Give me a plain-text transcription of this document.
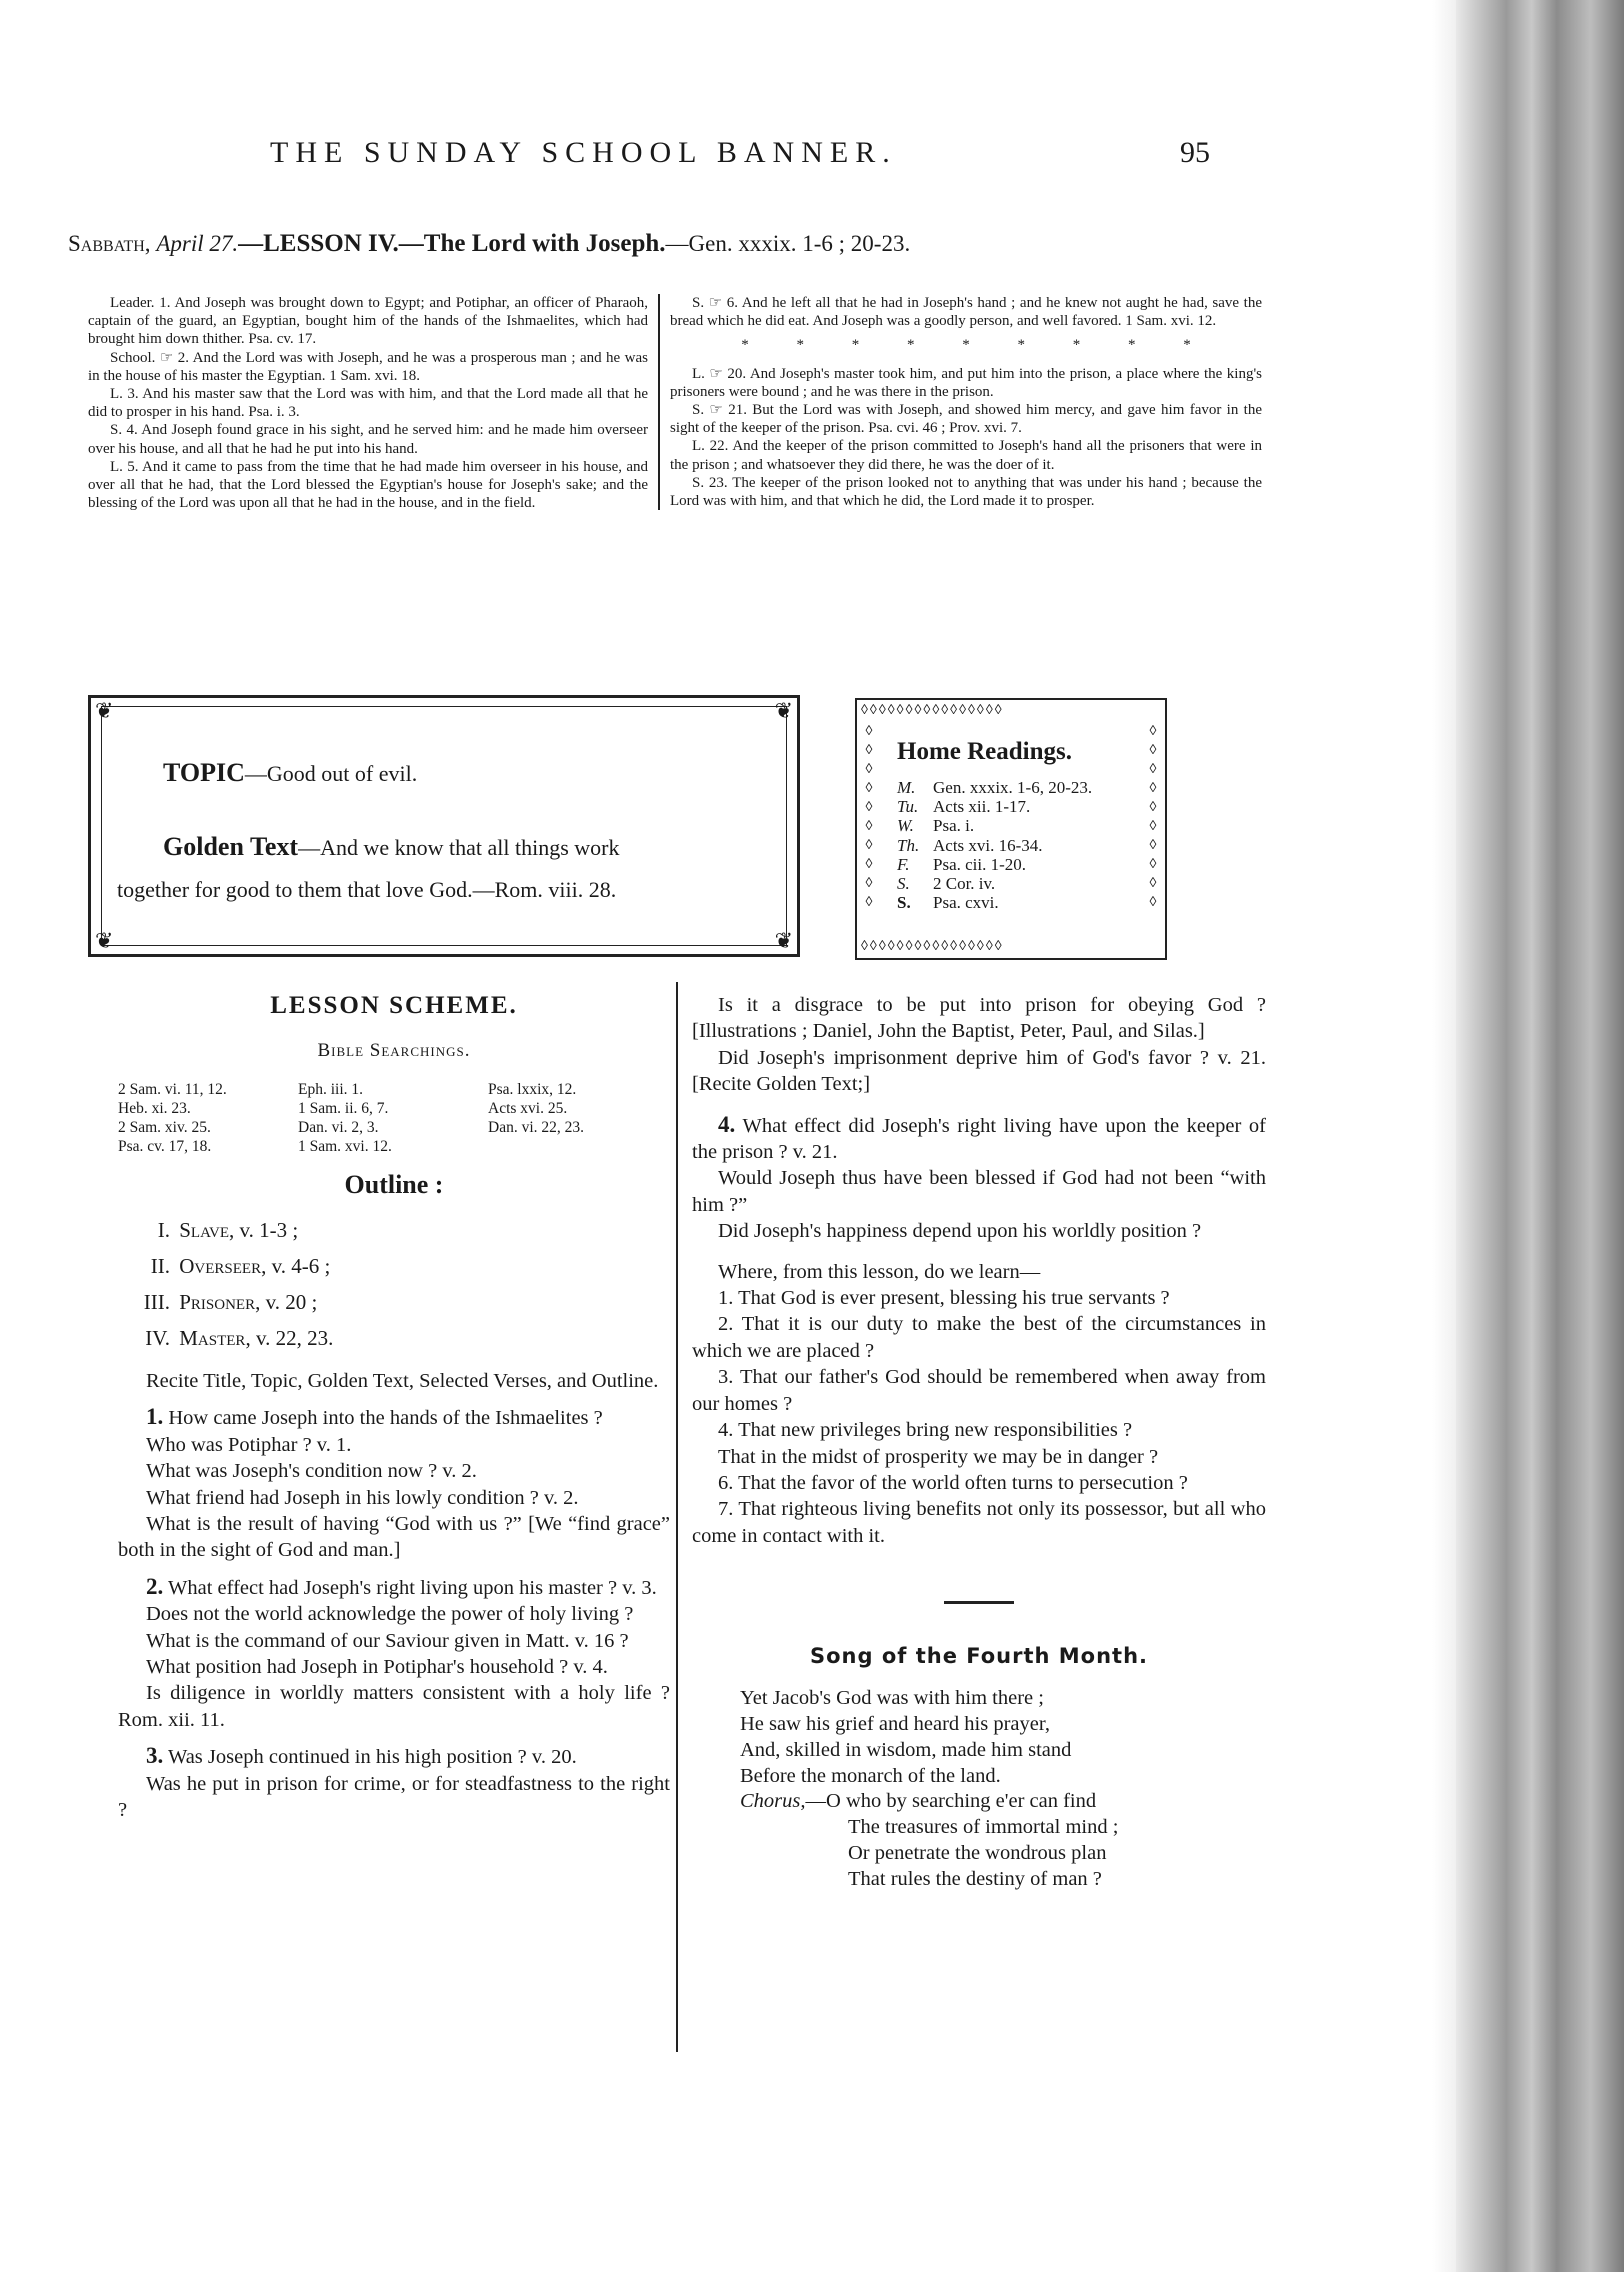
THE SUNDAY SCHOOL BANNER.	95
Sabbath, April 27.—LESSON IV.—The Lord with Joseph.—Gen. xxxix. 1-6 ; 20-23.

Leader. 1. And Joseph was brought down to Egypt; and Potiphar, an officer of Pharaoh, captain of the guard, an Egyptian, bought him of the hands of the Ishmaelites, which had brought him down thither. Psa. cv. 17.

School. ☞ 2. And the Lord was with Joseph, and he was a prosperous man ; and he was in the house of his master the Egyptian. 1 Sam. xvi. 18.

L. 3. And his master saw that the Lord was with him, and that the Lord made all that he did to prosper in his hand. Psa. i. 3.

S. 4. And Joseph found grace in his sight, and he served him: and he made him overseer over his house, and all that he had he put into his hand.

L. 5. And it came to pass from the time that he had made him overseer in his house, and over all that he had, that the Lord blessed the Egyptian's house for Joseph's sake; and the blessing of the Lord was upon all that he had in the house, and in the field.

S. ☞ 6. And he left all that he had in Joseph's hand ; and he knew not aught he had, save the bread which he did eat. And Joseph was a goodly person, and well favored. 1 Sam. xvi. 12.

* * * * * * * * *

L. ☞ 20. And Joseph's master took him, and put him into the prison, a place where the king's prisoners were bound ; and he was there in the prison.

S. ☞ 21. But the Lord was with Joseph, and showed him mercy, and gave him favor in the sight of the keeper of the prison. Psa. cvi. 46 ; Prov. xvi. 7.

L. 22. And the keeper of the prison committed to Joseph's hand all the prisoners that were in the prison ; and whatsoever they did there, he was the doer of it.

S. 23. The keeper of the prison looked not to anything that was under his hand ; because the Lord was with him, and that which he did, the Lord made it to prosper.

❦	❦
❦	❦
TOPIC—Good out of evil.
Golden Text—And we know that all things work
together for good to them that love God.—Rom. viii. 28.
◊◊◊◊◊◊◊◊◊◊◊◊◊◊◊◊
◊◊◊◊◊◊◊◊◊◊◊◊◊◊◊◊
◊ ◊ ◊ ◊ ◊ ◊ ◊ ◊ ◊ ◊
◊ ◊ ◊ ◊ ◊ ◊ ◊ ◊ ◊ ◊
Home Readings.
M. Gen. xxxix. 1-6, 20-23.
Tu. Acts xii. 1-17.
W. Psa. i.
Th. Acts xvi. 16-34.
F. Psa. cii. 1-20.
S. 2 Cor. iv.
S. Psa. cxvi.
LESSON SCHEME.
Bible Searchings.
2 Sam. vi. 11, 12.	Eph. iii. 1.	Psa. lxxix, 12.
Heb. xi. 23.	1 Sam. ii. 6, 7.	Acts xvi. 25.
2 Sam. xiv. 25.	Dan. vi. 2, 3.	Dan. vi. 22, 23.
Psa. cv. 17, 18.	1 Sam. xvi. 12.
Outline :
I. Slave, v. 1-3 ;
II. Overseer, v. 4-6 ;
III. Prisoner, v. 20 ;
IV. Master, v. 22, 23.

Recite Title, Topic, Golden Text, Selected Verses, and Outline.

1. How came Joseph into the hands of the Ishmaelites ?

Who was Potiphar ? v. 1.

What was Joseph's condition now ? v. 2.

What friend had Joseph in his lowly condition ? v. 2.

What is the result of having “God with us ?” [We “find grace” both in the sight of God and man.]

2. What effect had Joseph's right living upon his master ? v. 3.

Does not the world acknowledge the power of holy living ?

What is the command of our Saviour given in Matt. v. 16 ?

What position had Joseph in Potiphar's household ? v. 4.

Is diligence in worldly matters consistent with a holy life ? Rom. xii. 11.

3. Was Joseph continued in his high position ? v. 20.

Was he put in prison for crime, or for steadfastness to the right ?

Is it a disgrace to be put into prison for obeying God ? [Illustrations ; Daniel, John the Baptist, Peter, Paul, and Silas.]

Did Joseph's imprisonment deprive him of God's favor ? v. 21. [Recite Golden Text;]

4. What effect did Joseph's right living have upon the keeper of the prison ? v. 21.

Would Joseph thus have been blessed if God had not been “with him ?”

Did Joseph's happiness depend upon his worldly position ?

Where, from this lesson, do we learn—

1. That God is ever present, blessing his true servants ?

2. That it is our duty to make the best of the circumstances in which we are placed ?

3. That our father's God should be remembered when away from our homes ?

4. That new privileges bring new responsibilities ?

That in the midst of prosperity we may be in danger ?

6. That the favor of the world often turns to persecution ?

7. That righteous living benefits not only its possessor, but all who come in contact with it.

Song of the Fourth Month.
Yet Jacob's God was with him there ;
He saw his grief and heard his prayer,
And, skilled in wisdom, made him stand
Before the monarch of the land.
Chorus,—O who by searching e'er can find
The treasures of immortal mind ;
Or penetrate the wondrous plan
That rules the destiny of man ?
